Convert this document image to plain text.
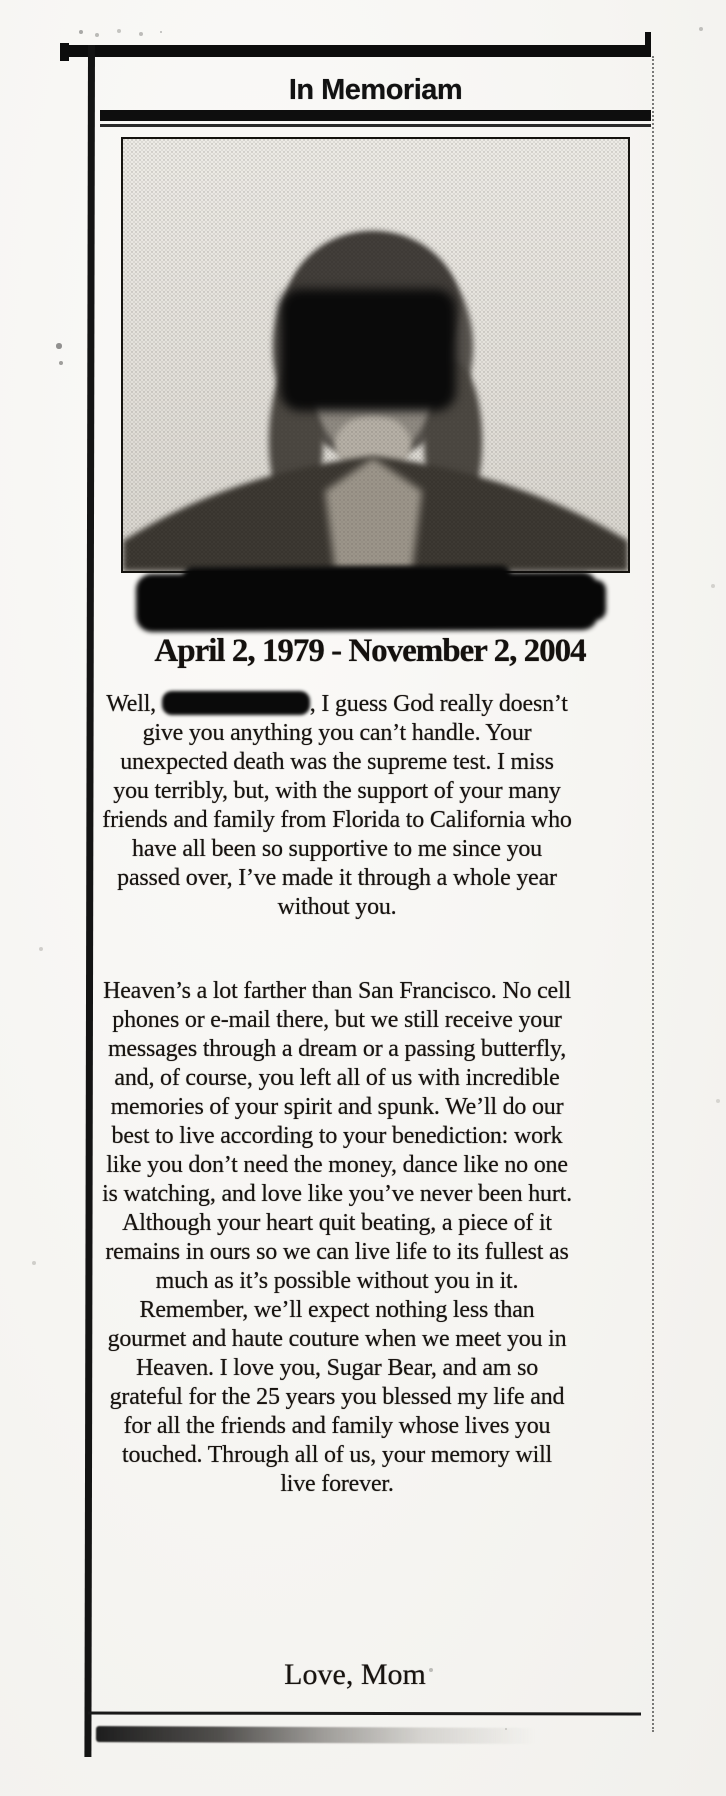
In Memoriam
April 2, 1979 - November 2, 2004

Well,	, I guess God really doesn’t give you anything you can’t handle. Your unexpected death was the supreme test. I miss you terribly, but, with the support of your many friends and family from Florida to California who have all been so supportive to me since you passed over, I’ve made it through a whole year without you.

Heaven’s a lot farther than San Francisco. No cell phones or e-mail there, but we still receive your messages through a dream or a passing butterfly, and, of course, you left all of us with incredible memories of your spirit and spunk. We’ll do our best to live according to your benediction: work like you don’t need the money, dance like no one is watching, and love like you’ve never been hurt. Although your heart quit beating, a piece of it remains in ours so we can live life to its fullest as much as it’s possible without you in it. Remember, we’ll expect nothing less than gourmet and haute couture when we meet you in Heaven. I love you, Sugar Bear, and am so grateful for the 25 years you blessed my life and for all the friends and family whose lives you touched. Through all of us, your memory will live forever.

Love, Mom
